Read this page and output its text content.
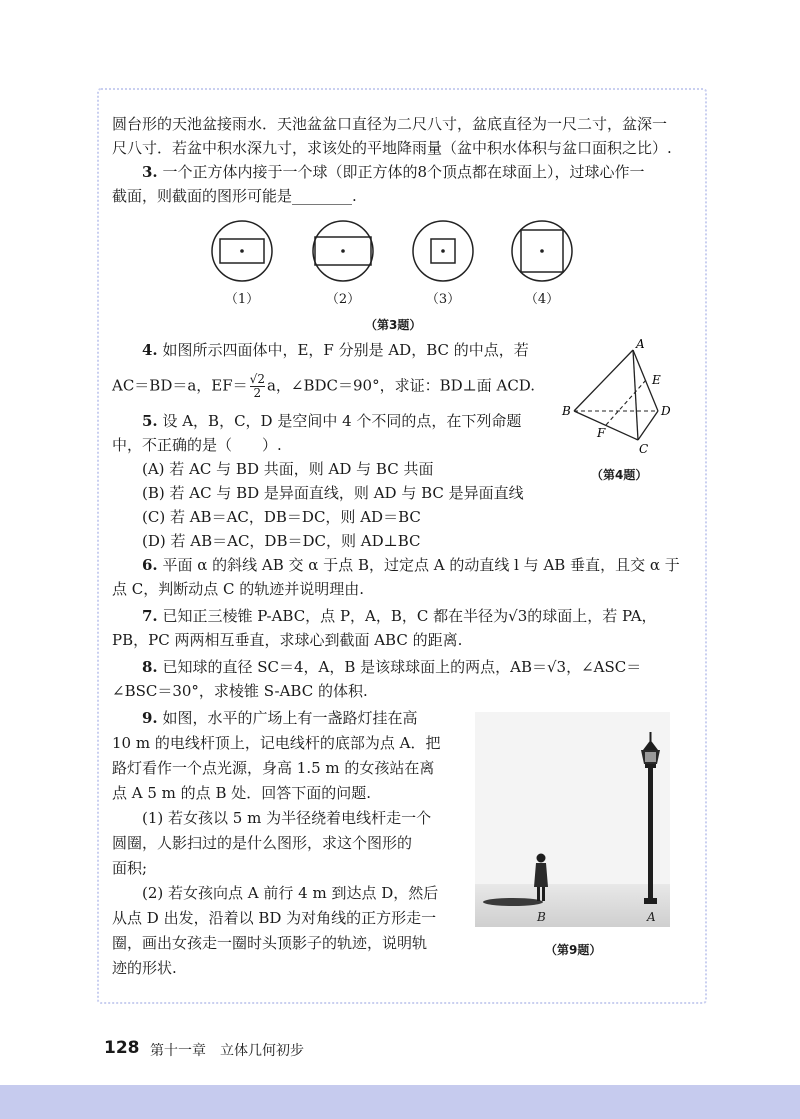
圆台形的天池盆接雨水．天池盆盆口直径为二尺八寸，盆底直径为一尺二寸，盆深一
尺八寸．若盆中积水深九寸，求该处的平地降雨量（盆中积水体积与盆口面积之比）.
3. 一个正方体内接于一个球（即正方体的8个顶点都在球面上），过球心作一
截面，则截面的图形可能是________.
（1）	（2）	（3）	（4）
（第3题）
4. 如图所示四面体中，E，F 分别是 AD，BC 的中点，若
AC＝BD＝a，$EF= \frac{√2}{2}$ a，∠BDC＝90°，求证：BD⊥面 ACD.
A
E
B	D
F
C
（第4题）
5. 设 A，B，C，D 是空间中 4 个不同的点，在下列命题
中，不正确的是（　　）.
(A) 若 AC 与 BD 共面，则 AD 与 BC 共面
(B) 若 AC 与 BD 是异面直线，则 AD 与 BC 是异面直线
(C) 若 AB＝AC，DB＝DC，则 AD＝BC
(D) 若 AB＝AC，DB＝DC，则 AD⊥BC
6. 平面 α 的斜线 AB 交 α 于点 B，过定点 A 的动直线 l 与 AB 垂直，且交 α 于
点 C，判断动点 C 的轨迹并说明理由.
7. 已知正三棱锥 P-ABC，点 P，A，B，C 都在半径为√3的球面上，若 PA，
PB，PC 两两相互垂直，求球心到截面 ABC 的距离.
8. 已知球的直径 SC＝4，A，B 是该球球面上的两点，AB＝√3，∠ASC＝
∠BSC＝30°，求棱锥 S-ABC 的体积.
9. 如图，水平的广场上有一盏路灯挂在高
10 m 的电线杆顶上，记电线杆的底部为点 A．把
路灯看作一个点光源，身高 1.5 m 的女孩站在离
点 A 5 m 的点 B 处．回答下面的问题.
(1) 若女孩以 5 m 为半径绕着电线杆走一个
圆圈，人影扫过的是什么图形，求这个图形的
面积;
(2) 若女孩向点 A 前行 4 m 到达点 D，然后
从点 D 出发，沿着以 BD 为对角线的正方形走一
圈，画出女孩走一圈时头顶影子的轨迹，说明轨
迹的形状.
B	A
（第9题）
128 第十一章　立体几何初步
